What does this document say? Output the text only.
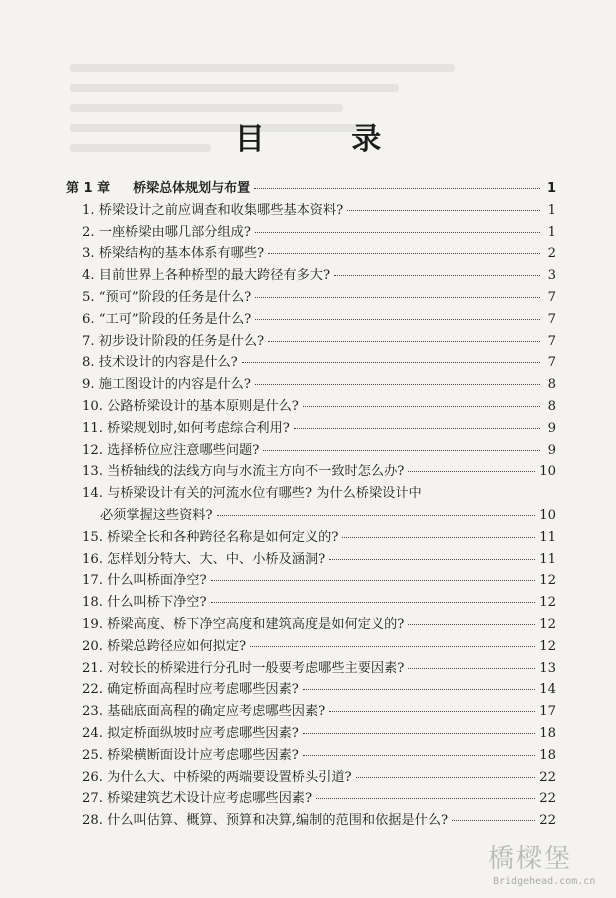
目 录
第 1 章 桥梁总体规划与布置	1
1. 桥梁设计之前应调查和收集哪些基本资料?	1
2. 一座桥梁由哪几部分组成?	1
3. 桥梁结构的基本体系有哪些?	2
4. 目前世界上各种桥型的最大跨径有多大?	3
5. “预可”阶段的任务是什么?	7
6. “工可”阶段的任务是什么?	7
7. 初步设计阶段的任务是什么?	7
8. 技术设计的内容是什么?	7
9. 施工图设计的内容是什么?	8
10. 公路桥梁设计的基本原则是什么?	8
11. 桥梁规划时,如何考虑综合利用?	9
12. 选择桥位应注意哪些问题?	9
13. 当桥轴线的法线方向与水流主方向不一致时怎么办?	10
14. 与桥梁设计有关的河流水位有哪些? 为什么桥梁设计中
必须掌握这些资料?	10
15. 桥梁全长和各种跨径名称是如何定义的?	11
16. 怎样划分特大、大、中、小桥及涵洞?	11
17. 什么叫桥面净空?	12
18. 什么叫桥下净空?	12
19. 桥梁高度、桥下净空高度和建筑高度是如何定义的?	12
20. 桥梁总跨径应如何拟定?	12
21. 对较长的桥梁进行分孔时一般要考虑哪些主要因素?	13
22. 确定桥面高程时应考虑哪些因素?	14
23. 基础底面高程的确定应考虑哪些因素?	17
24. 拟定桥面纵坡时应考虑哪些因素?	18
25. 桥梁横断面设计应考虑哪些因素?	18
26. 为什么大、中桥梁的两端要设置桥头引道?	22
27. 桥梁建筑艺术设计应考虑哪些因素?	22
28. 什么叫估算、概算、预算和决算,编制的范围和依据是什么?	22
橋樑堡
Bridgehead.com.cn
